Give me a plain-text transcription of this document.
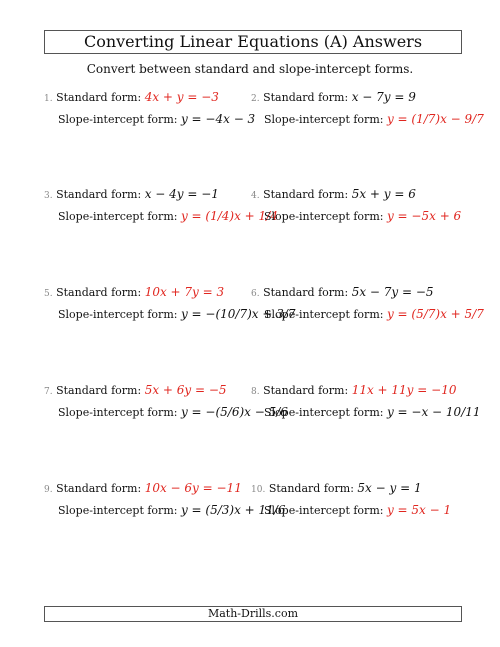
Converting Linear Equations (A) Answers
Convert between standard and slope-intercept forms.
1. Standard form: 4x + y = −3
Slope-intercept form: y = −4x − 3
2. Standard form: x − 7y = 9
Slope-intercept form: y = (1/7)x − 9/7
3. Standard form: x − 4y = −1
Slope-intercept form: y = (1/4)x + 1/4
4. Standard form: 5x + y = 6
Slope-intercept form: y = −5x + 6
5. Standard form: 10x + 7y = 3
Slope-intercept form: y = −(10/7)x + 3/7
6. Standard form: 5x − 7y = −5
Slope-intercept form: y = (5/7)x + 5/7
7. Standard form: 5x + 6y = −5
Slope-intercept form: y = −(5/6)x − 5/6
8. Standard form: 11x + 11y = −10
Slope-intercept form: y = −x − 10/11
9. Standard form: 10x − 6y = −11
Slope-intercept form: y = (5/3)x + 11/6
10. Standard form: 5x − y = 1
Slope-intercept form: y = 5x − 1
Math-Drills.com
